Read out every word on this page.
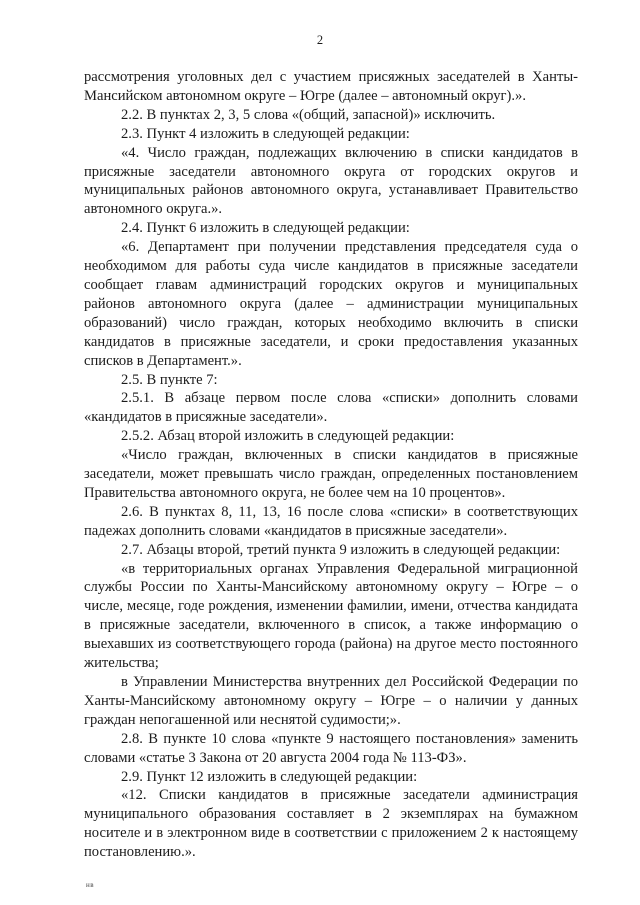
2

рассмотрения уголовных дел с участием присяжных заседателей в Ханты-Мансийском автономном округе – Югре (далее – автономный округ).».

2.2. В пунктах 2, 3, 5 слова «(общий, запасной)» исключить.

2.3. Пункт 4 изложить в следующей редакции:

«4. Число граждан, подлежащих включению в списки кандидатов в присяжные заседатели автономного округа от городских округов и муниципальных районов автономного округа, устанавливает Правительство автономного округа.».

2.4. Пункт 6 изложить в следующей редакции:

«6. Департамент при получении представления председателя суда о необходимом для работы суда числе кандидатов в присяжные заседатели сообщает главам администраций городских округов и муниципальных районов автономного округа (далее – администрации муниципальных образований) число граждан, которых необходимо включить в списки кандидатов в присяжные заседатели, и сроки предоставления указанных списков в Департамент.».

2.5. В пункте 7:

2.5.1. В абзаце первом после слова «списки» дополнить словами «кандидатов в присяжные заседатели».

2.5.2. Абзац второй изложить в следующей редакции:

«Число граждан, включенных в списки кандидатов в присяжные заседатели, может превышать число граждан, определенных постановлением Правительства автономного округа, не более чем на 10 процентов».

2.6. В пунктах 8, 11, 13, 16 после слова «списки» в соответствующих падежах дополнить словами «кандидатов в присяжные заседатели».

2.7. Абзацы второй, третий пункта 9 изложить в следующей редакции:

«в территориальных органах Управления Федеральной миграционной службы России по Ханты-Мансийскому автономному округу – Югре – о числе, месяце, годе рождения, изменении фамилии, имени, отчества кандидата в присяжные заседатели, включенного в список, а также информацию о выехавших из соответствующего города (района) на другое место постоянного жительства;

в Управлении Министерства внутренних дел Российской Федерации по Ханты-Мансийскому автономному округу – Югре – о наличии у данных граждан непогашенной или неснятой судимости;».

2.8. В пункте 10 слова «пункте 9 настоящего постановления» заменить словами «статье 3 Закона от 20 августа 2004 года № 113-ФЗ».

2.9. Пункт 12 изложить в следующей редакции:

«12. Списки кандидатов в присяжные заседатели администрация муниципального образования составляет в 2 экземплярах на бумажном носителе и в электронном виде в соответствии с приложением 2 к настоящему постановлению.».

нв
